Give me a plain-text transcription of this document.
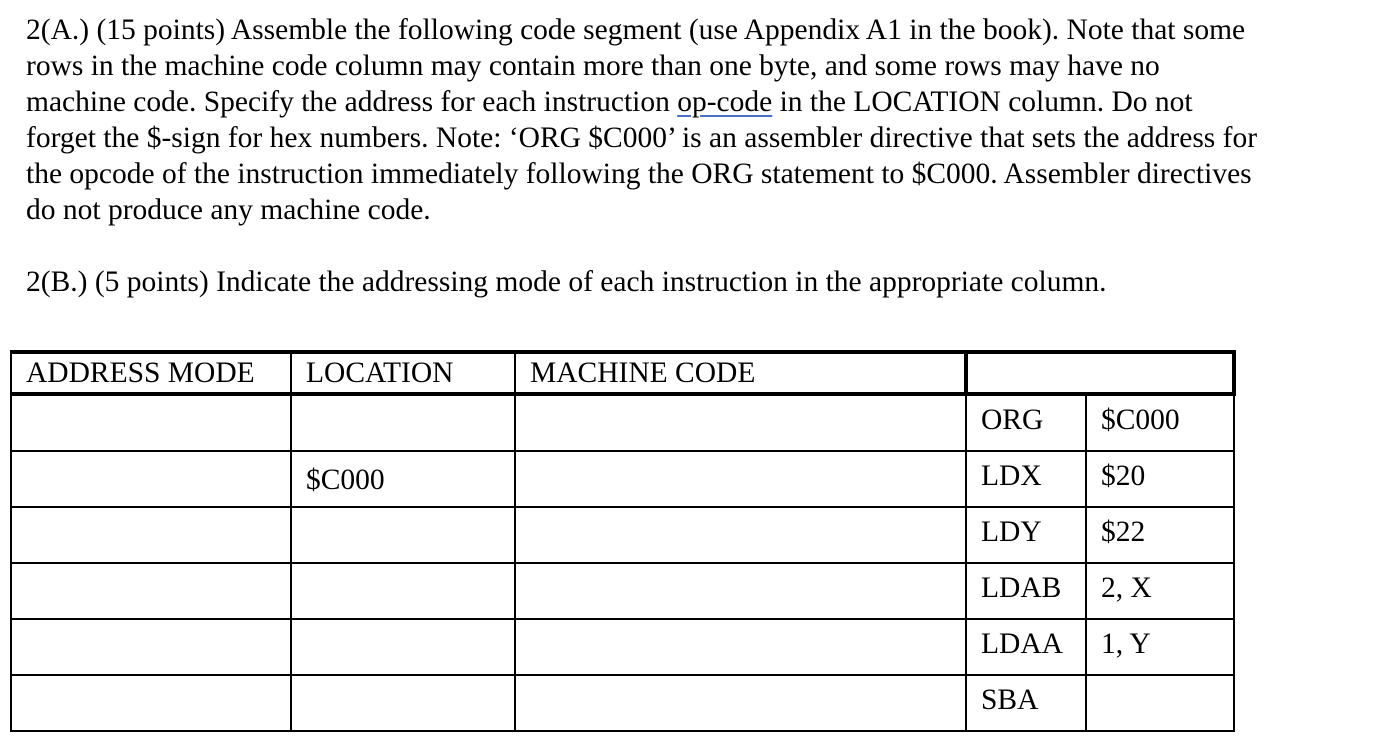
2(A.) (15 points) Assemble the following code segment (use Appendix A1 in the book). Note that some
rows in the machine code column may contain more than one byte, and some rows may have no
machine code. Specify the address for each instruction op-code in the LOCATION column. Do not
forget the $-sign for hex numbers. Note: ‘ORG $C000’ is an assembler directive that sets the address for
the opcode of the instruction immediately following the ORG statement to $C000. Assembler directives
do not produce any machine code.
2(B.) (5 points) Indicate the addressing mode of each instruction in the appropriate column.
ADDRESS MODE	LOCATION	MACHINE CODE		

			ORG	$C000

	$C000		LDX	$20

			LDY	$22

			LDAB	2, X

			LDAA	1, Y

			SBA	
